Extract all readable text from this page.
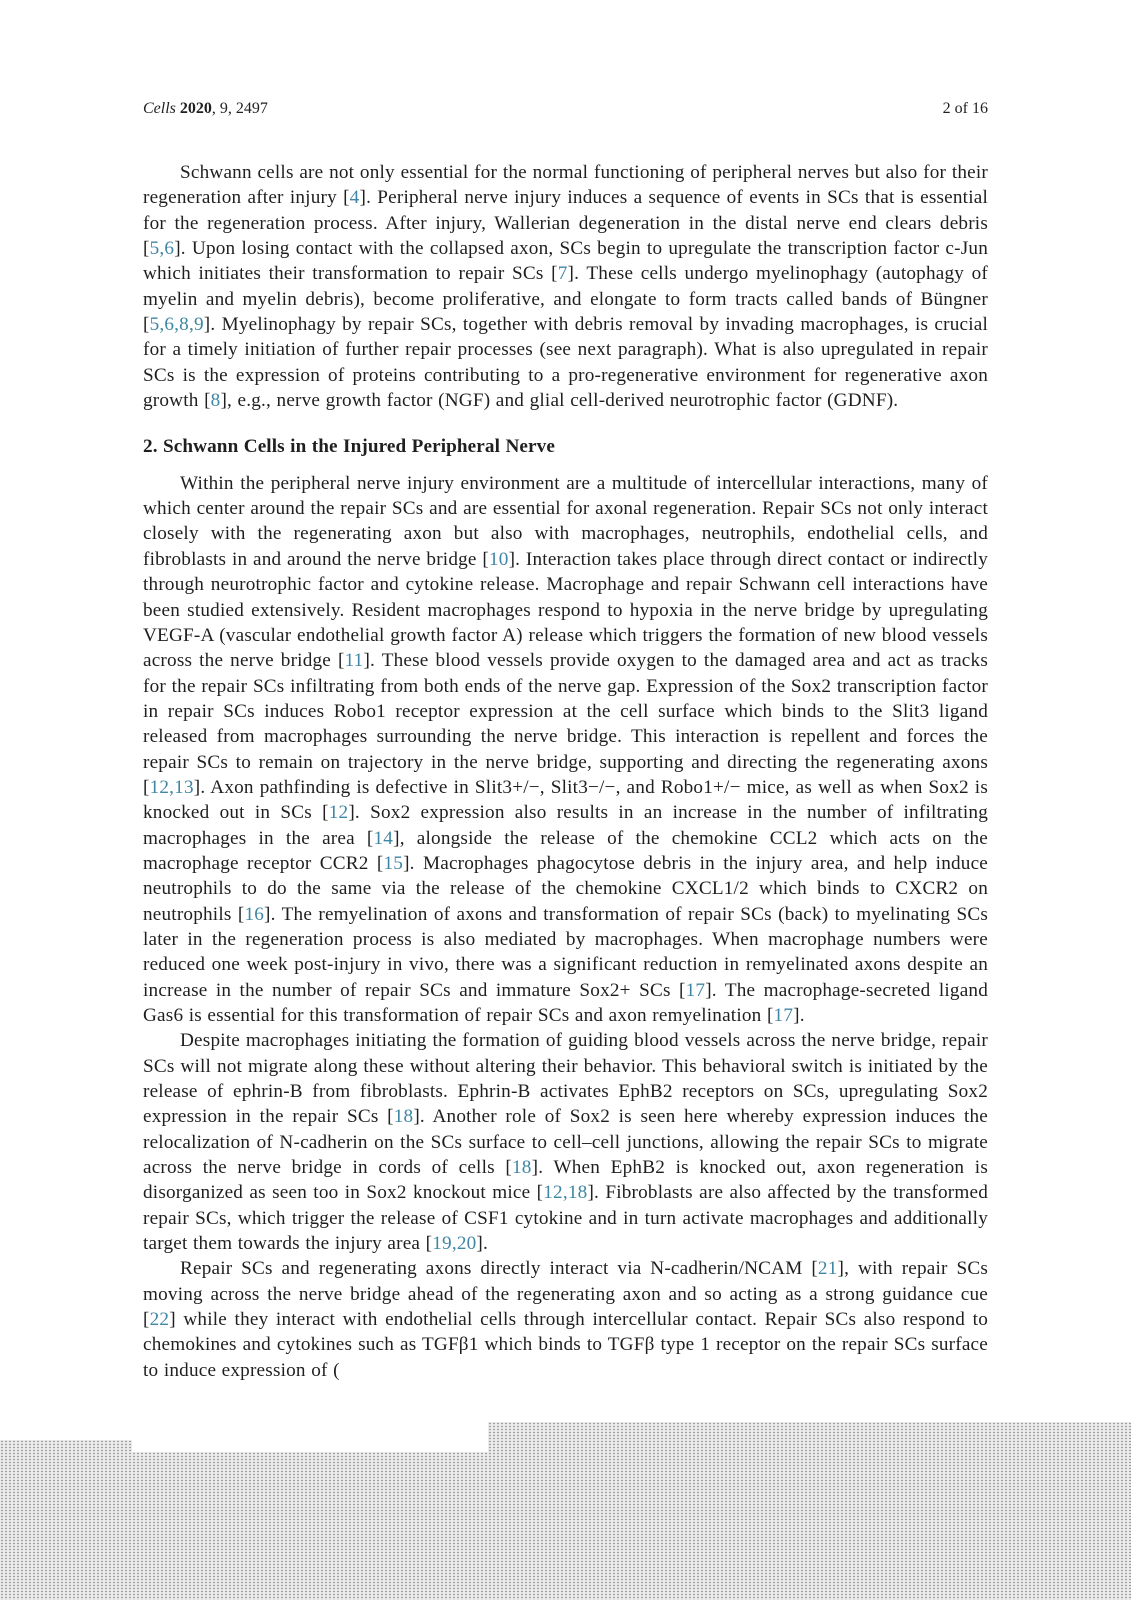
Cells 2020, 9, 2497	2 of 16

Schwann cells are not only essential for the normal functioning of peripheral nerves but also for their regeneration after injury [4]. Peripheral nerve injury induces a sequence of events in SCs that is essential for the regeneration process. After injury, Wallerian degeneration in the distal nerve end clears debris [5,6]. Upon losing contact with the collapsed axon, SCs begin to upregulate the transcription factor c-Jun which initiates their transformation to repair SCs [7]. These cells undergo myelinophagy (autophagy of myelin and myelin debris), become proliferative, and elongate to form tracts called bands of Büngner [5,6,8,9]. Myelinophagy by repair SCs, together with debris removal by invading macrophages, is crucial for a timely initiation of further repair processes (see next paragraph). What is also upregulated in repair SCs is the expression of proteins contributing to a pro-regenerative environment for regenerative axon growth [8], e.g., nerve growth factor (NGF) and glial cell-derived neurotrophic factor (GDNF).

2. Schwann Cells in the Injured Peripheral Nerve

Within the peripheral nerve injury environment are a multitude of intercellular interactions, many of which center around the repair SCs and are essential for axonal regeneration. Repair SCs not only interact closely with the regenerating axon but also with macrophages, neutrophils, endothelial cells, and fibroblasts in and around the nerve bridge [10]. Interaction takes place through direct contact or indirectly through neurotrophic factor and cytokine release. Macrophage and repair Schwann cell interactions have been studied extensively. Resident macrophages respond to hypoxia in the nerve bridge by upregulating VEGF-A (vascular endothelial growth factor A) release which triggers the formation of new blood vessels across the nerve bridge [11]. These blood vessels provide oxygen to the damaged area and act as tracks for the repair SCs infiltrating from both ends of the nerve gap. Expression of the Sox2 transcription factor in repair SCs induces Robo1 receptor expression at the cell surface which binds to the Slit3 ligand released from macrophages surrounding the nerve bridge. This interaction is repellent and forces the repair SCs to remain on trajectory in the nerve bridge, supporting and directing the regenerating axons [12,13]. Axon pathfinding is defective in Slit3+/−, Slit3−/−, and Robo1+/− mice, as well as when Sox2 is knocked out in SCs [12]. Sox2 expression also results in an increase in the number of infiltrating macrophages in the area [14], alongside the release of the chemokine CCL2 which acts on the macrophage receptor CCR2 [15]. Macrophages phagocytose debris in the injury area, and help induce neutrophils to do the same via the release of the chemokine CXCL1/2 which binds to CXCR2 on neutrophils [16]. The remyelination of axons and transformation of repair SCs (back) to myelinating SCs later in the regeneration process is also mediated by macrophages. When macrophage numbers were reduced one week post-injury in vivo, there was a significant reduction in remyelinated axons despite an increase in the number of repair SCs and immature Sox2+ SCs [17]. The macrophage-secreted ligand Gas6 is essential for this transformation of repair SCs and axon remyelination [17].

Despite macrophages initiating the formation of guiding blood vessels across the nerve bridge, repair SCs will not migrate along these without altering their behavior. This behavioral switch is initiated by the release of ephrin-B from fibroblasts. Ephrin-B activates EphB2 receptors on SCs, upregulating Sox2 expression in the repair SCs [18]. Another role of Sox2 is seen here whereby expression induces the relocalization of N-cadherin on the SCs surface to cell–cell junctions, allowing the repair SCs to migrate across the nerve bridge in cords of cells [18]. When EphB2 is knocked out, axon regeneration is disorganized as seen too in Sox2 knockout mice [12,18]. Fibroblasts are also affected by the transformed repair SCs, which trigger the release of CSF1 cytokine and in turn activate macrophages and additionally target them towards the injury area [19,20].

Repair SCs and regenerating axons directly interact via N-cadherin/NCAM [21], with repair SCs moving across the nerve bridge ahead of the regenerating axon and so acting as a strong guidance cue [22] while they interact with endothelial cells through intercellular contact. Repair SCs also respond to chemokines and cytokines such as TGFβ1 which binds to TGFβ type 1 receptor on the repair SCs surface to induce expression of (
